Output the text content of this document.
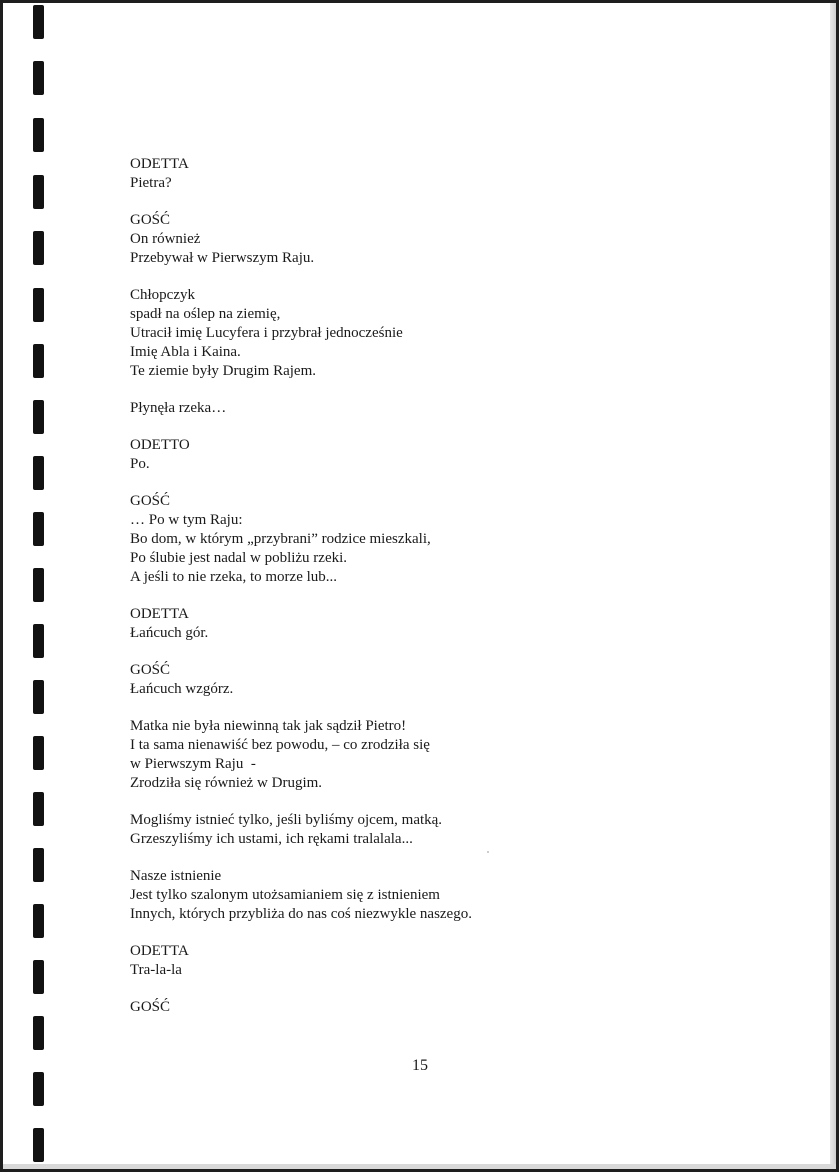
ODETTA
Pietra?
GOŚĆ
On również
Przebywał w Pierwszym Raju.
Chłopczyk
spadł na oślep na ziemię,
Utracił imię Lucyfera i przybrał jednocześnie
Imię Abla i Kaina.
Te ziemie były Drugim Rajem.
Płynęła rzeka…
ODETTO
Po.
GOŚĆ
… Po w tym Raju:
Bo dom, w którym „przybrani” rodzice mieszkali,
Po ślubie jest nadal w pobliżu rzeki.
A jeśli to nie rzeka, to morze lub...
ODETTA
Łańcuch gór.
GOŚĆ
Łańcuch wzgórz.
Matka nie była niewinną tak jak sądził Pietro!
I ta sama nienawiść bez powodu, – co zrodziła się
w Pierwszym Raju  -
Zrodziła się również w Drugim.
Mogliśmy istnieć tylko, jeśli byliśmy ojcem, matką.
Grzeszyliśmy ich ustami, ich rękami tralalala...
Nasze istnienie
Jest tylko szalonym utożsamianiem się z istnieniem
Innych, których przybliża do nas coś niezwykle naszego.
ODETTA
Tra-la-la
GOŚĆ
15
